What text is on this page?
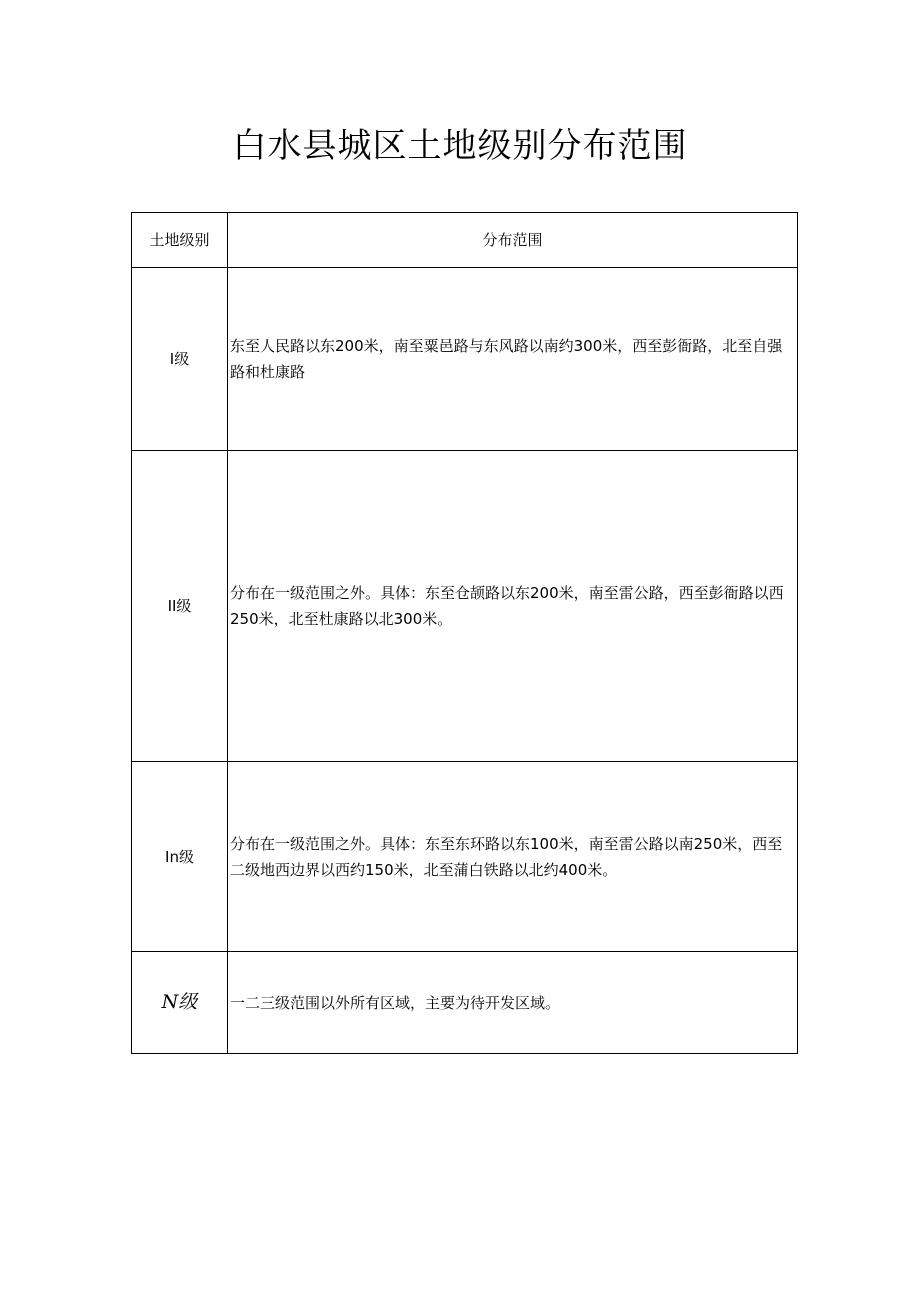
白水县城区土地级别分布范围
土地级别	分布范围
I级	东至人民路以东200米，南至粟邑路与东风路以南约300米，西至彭衙路，北至自强路和杜康路
II级	分布在一级范围之外。具体：东至仓颉路以东200米，南至雷公路，西至彭衙路以西250米，北至杜康路以北300米。
In级	分布在一级范围之外。具体：东至东环路以东100米，南至雷公路以南250米，西至二级地西边界以西约150米，北至蒲白铁路以北约400米。
N级	一二三级范围以外所有区域，主要为待开发区域。
